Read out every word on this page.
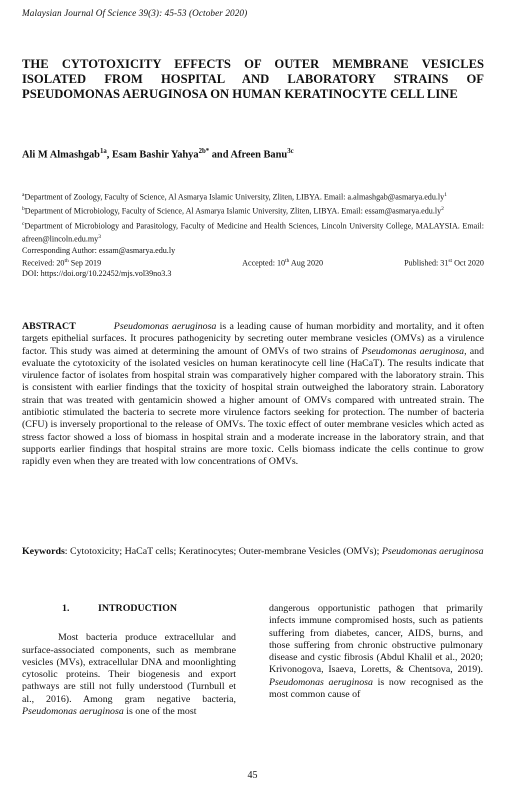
Malaysian Journal Of Science 39(3): 45-53 (October 2020)
THE CYTOTOXICITY EFFECTS OF OUTER MEMBRANE VESICLES ISOLATED FROM HOSPITAL AND LABORATORY STRAINS OF PSEUDOMONAS AERUGINOSA ON HUMAN KERATINOCYTE CELL LINE
Ali M Almashgab$^{1a}$, Esam Bashir Yahya$^{2b*}$ and Afreen Banu$^{3c}$

$^a$Department of Zoology, Faculty of Science, Al Asmarya Islamic University, Zliten, LIBYA. Email: $a.almashgab@asmarya.edu.ly^1$

$^b$Department of Microbiology, Faculty of Science, Al Asmarya Islamic University, Zliten, LIBYA. Email: $essam@asmarya.edu.ly^2$

$^c$Department of Microbiology and Parasitology, Faculty of Medicine and Health Sciences, Lincoln University College, MALAYSIA. Email: $afreen@lincoln.edu.my^3$

Corresponding Author: essam@asmarya.edu.ly

Received: 20th Sep 2019	Accepted: 10th Aug 2020	Published: 31st Oct 2020

DOI: https://doi.org/10.22452/mjs.vol39no3.3

ABSTRACT	Pseudomonas aeruginosa is a leading cause of human morbidity and mortality, and it often targets epithelial surfaces. It procures pathogenicity by secreting outer membrane vesicles (OMVs) as a virulence factor. This study was aimed at determining the amount of OMVs of two strains of Pseudomonas aeruginosa, and evaluate the cytotoxicity of the isolated vesicles on human keratinocyte cell line (HaCaT). The results indicate that virulence factor of isolates from hospital strain was comparatively higher compared with the laboratory strain. This is consistent with earlier findings that the toxicity of hospital strain outweighed the laboratory strain. Laboratory strain that was treated with gentamicin showed a higher amount of OMVs compared with untreated strain. The antibiotic stimulated the bacteria to secrete more virulence factors seeking for protection. The number of bacteria (CFU) is inversely proportional to the release of OMVs. The toxic effect of outer membrane vesicles which acted as stress factor showed a loss of biomass in hospital strain and a moderate increase in the laboratory strain, and that supports earlier findings that hospital strains are more toxic. Cells biomass indicate the cells continue to grow rapidly even when they are treated with low concentrations of OMVs.

Keywords: Cytotoxicity; HaCaT cells; Keratinocytes; Outer-membrane Vesicles (OMVs); Pseudomonas aeruginosa

1.	INTRODUCTION

Most bacteria produce extracellular and surface-associated components, such as membrane vesicles (MVs), extracellular DNA and moonlighting cytosolic proteins. Their biogenesis and export pathways are still not fully understood (Turnbull et al., 2016). Among gram negative bacteria, Pseudomonas aeruginosa is one of the most

dangerous opportunistic pathogen that primarily infects immune compromised hosts, such as patients suffering from diabetes, cancer, AIDS, burns, and those suffering from chronic obstructive pulmonary disease and cystic fibrosis (Abdul Khalil et al., 2020; Krivonogova, Isaeva, Loretts, & Chentsova, 2019). Pseudomonas aeruginosa is now recognised as the most common cause of

45
